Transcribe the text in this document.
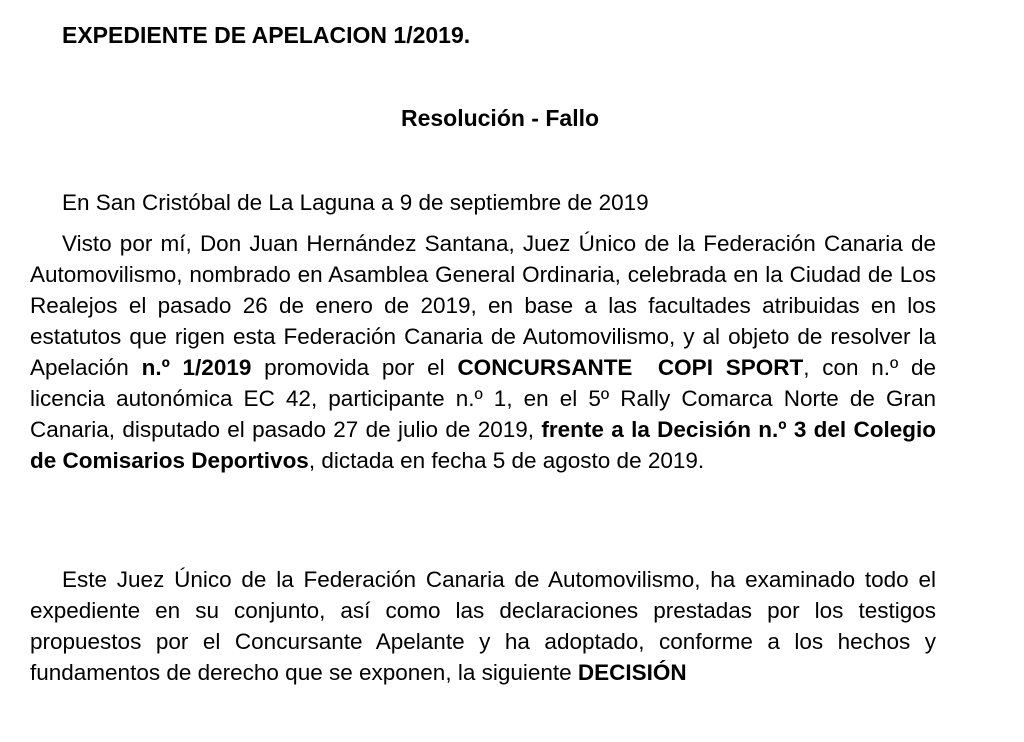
EXPEDIENTE DE APELACION 1/2019.

Resolución - Fallo

En San Cristóbal de La Laguna a 9 de septiembre de 2019

Visto por mí, Don Juan Hernández Santana, Juez Único de la Federación Canaria de Automovilismo, nombrado en Asamblea General Ordinaria, celebrada en la Ciudad de Los Realejos el pasado 26 de enero de 2019, en base a las facultades atribuidas en los estatutos que rigen esta Federación Canaria de Automovilismo, y al objeto de resolver la Apelación n.º 1/2019 promovida por el CONCURSANTE  COPI SPORT, con n.º de licencia autonómica EC 42, participante n.º 1, en el 5º Rally Comarca Norte de Gran Canaria, disputado el pasado 27 de julio de 2019, frente a la Decisión n.º 3 del Colegio de Comisarios Deportivos, dictada en fecha 5 de agosto de 2019.

Este Juez Único de la Federación Canaria de Automovilismo, ha examinado todo el expediente en su conjunto, así como las declaraciones prestadas por los testigos propuestos por el Concursante Apelante y ha adoptado, conforme a los hechos y fundamentos de derecho que se exponen, la siguiente DECISIÓN
